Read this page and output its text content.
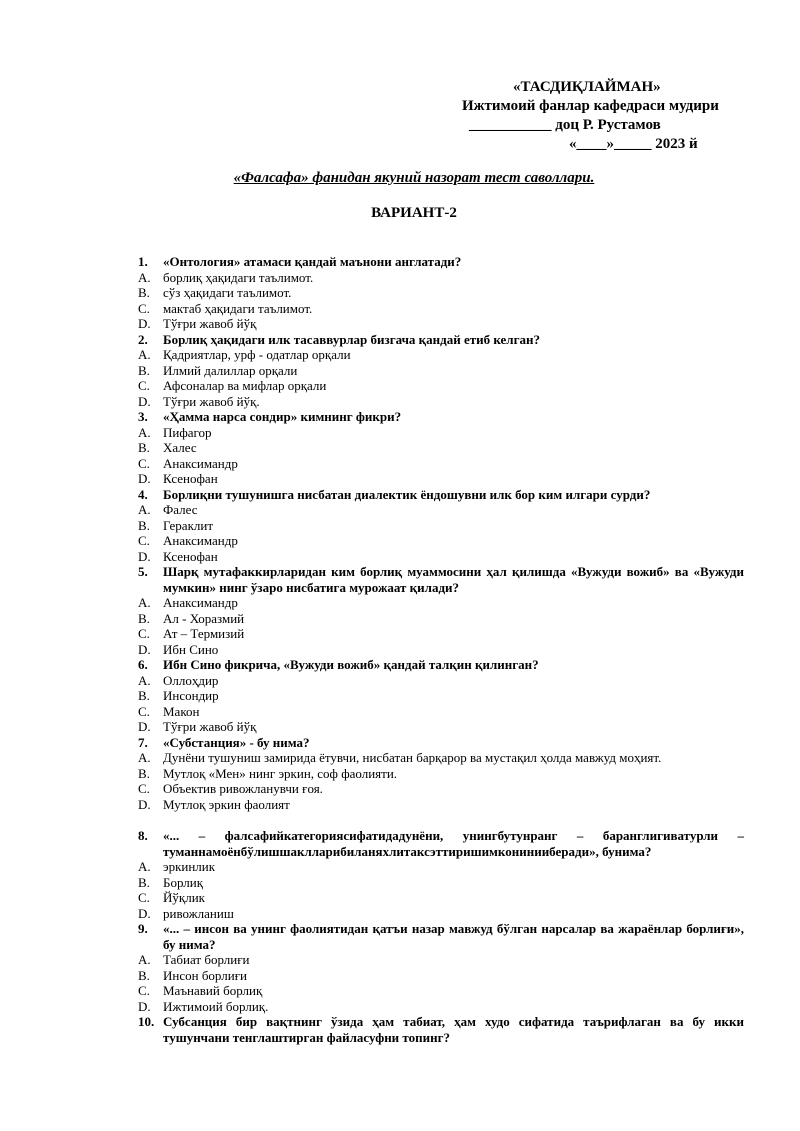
«ТАСДИҚЛАЙМАН»
Ижтимоий фанлар кафедраси мудири
___________ доц Р. Рустамов
«____»_____ 2023 й
«Фалсафа» фанидан якуний назорат тест саволлари.
ВАРИАНТ-2
1.	«Онтология» атамаси қандай маънони англатади?
A. борлиқ ҳақидаги таълимот.
B.	сўз ҳақидаги таълимот.
C.	мактаб ҳақидаги таълимот.
D. Тўғри жавоб йўқ
2.	Борлиқ ҳақидаги илк тасаввурлар бизгача қандай етиб келган?
A. Қадриятлар, урф - одатлар орқали
B.	Илмий далиллар орқали
C.	Афсоналар ва мифлар орқали
D. Тўғри жавоб йўқ.
3.	«Ҳамма нарса сондир» кимнинг фикри?
A. Пифагор
B.	Халес
C.	Анаксимандр
D. Ксенофан
4.	Борлиқни тушунишга нисбатан диалектик ёндошувни илк бор ким илгари сурди?
A. Фалес
B.	Гераклит
C.	Анаксимандр
D. Ксенофан
5.	Шарқ мутафаккирларидан ким борлиқ муаммосини ҳал қилишда «Вужуди вожиб» ва «Вужуди мумкин» нинг ўзаро нисбатига мурожаат қилади?
A. Анаксимандр
B.	Ал - Хоразмий
C.	Ат – Термизий
D. Ибн Сино
6.	Ибн Сино фикрича, «Вужуди вожиб» қандай талқин қилинган?
A. Оллоҳдир
B.	Инсондир
C.	Макон
D. Тўғри жавоб йўқ
7.	«Субстанция» - бу нима?
A. Дунёни тушуниш замирида ётувчи, нисбатан барқарор ва мустақил ҳолда мавжуд моҳият.
B.	Мутлоқ «Мен» нинг эркин, соф фаолияти.
C.	Объектив ривожланувчи ғоя.
D. Мутлоқ эркин фаолият
8.	«... – фалсафийкатегориясифатидадунёни, унингбутунранг – баранглигиватурли – туманнамоёнбўлишшаклларибиланяхлитаксэттиришимконинииберади», бунима?
A. эркинлик
B.	Борлиқ
C.	Йўқлик
D. ривожланиш
9.	«... – инсон ва унинг фаолиятидан қатъи назар мавжуд бўлган нарсалар ва жараёнлар борлиғи», бу нима?
A. Табиат борлиғи
B.	Инсон борлиғи
C.	Маънавий борлиқ
D. Ижтимоий борлиқ.
10. Субсанция бир вақтнинг ўзида ҳам табиат, ҳам худо сифатида таърифлаган ва бу икки тушунчани тенглаштирган файласуфни топинг?
